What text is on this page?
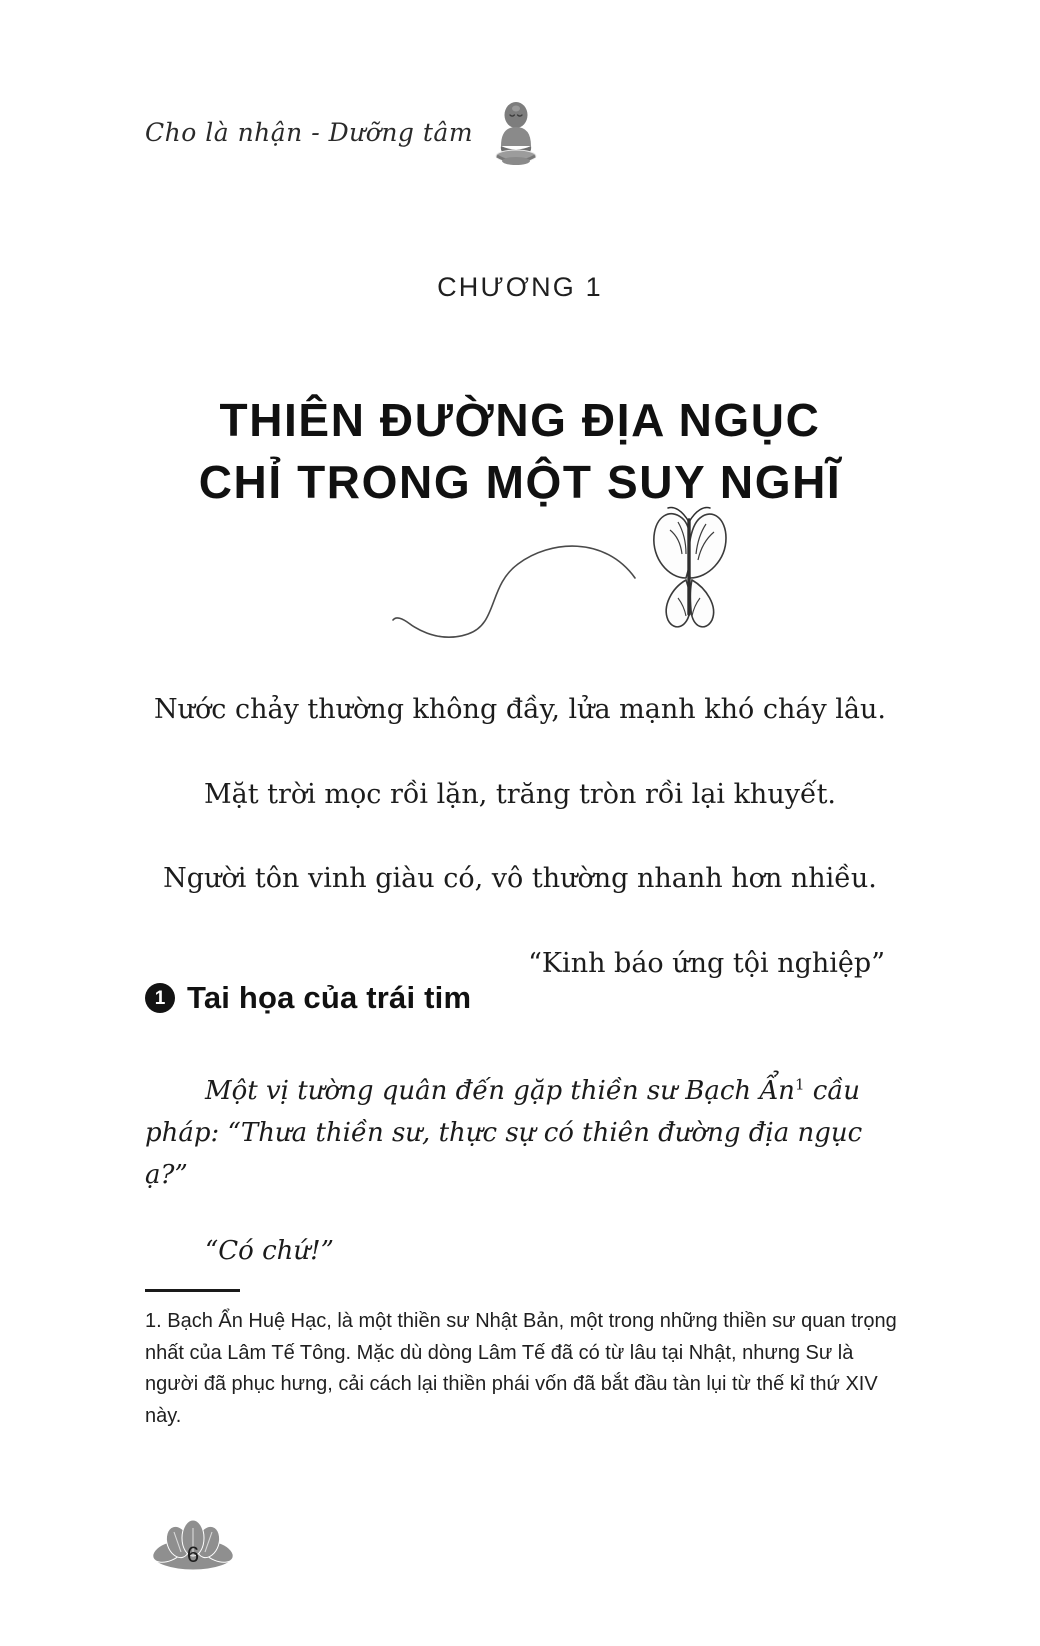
Cho là nhận - Dưỡng tâm
CHƯƠNG 1
THIÊN ĐƯỜNG ĐỊA NGỤC
CHỈ TRONG MỘT SUY NGHĨ

Nước chảy thường không đầy, lửa mạnh khó cháy lâu.

Mặt trời mọc rồi lặn, trăng tròn rồi lại khuyết.

Người tôn vinh giàu có, vô thường nhanh hơn nhiều.

“Kinh báo ứng tội nghiệp”

1 Tai họa của trái tim

Một vị tường quân đến gặp thiền sư Bạch Ẩn$^1$ cầu pháp: “Thưa thiền sư, thực sự có thiên đường địa ngục ạ?”

“Có chứ!”

1. Bạch Ẩn Huệ Hạc, là một thiền sư Nhật Bản, một trong những thiền sư quan trọng nhất của Lâm Tế Tông. Mặc dù dòng Lâm Tế đã có từ lâu tại Nhật, nhưng Sư là người đã phục hưng, cải cách lại thiền phái vốn đã bắt đầu tàn lụi từ thế kỉ thứ XIV này.
6
